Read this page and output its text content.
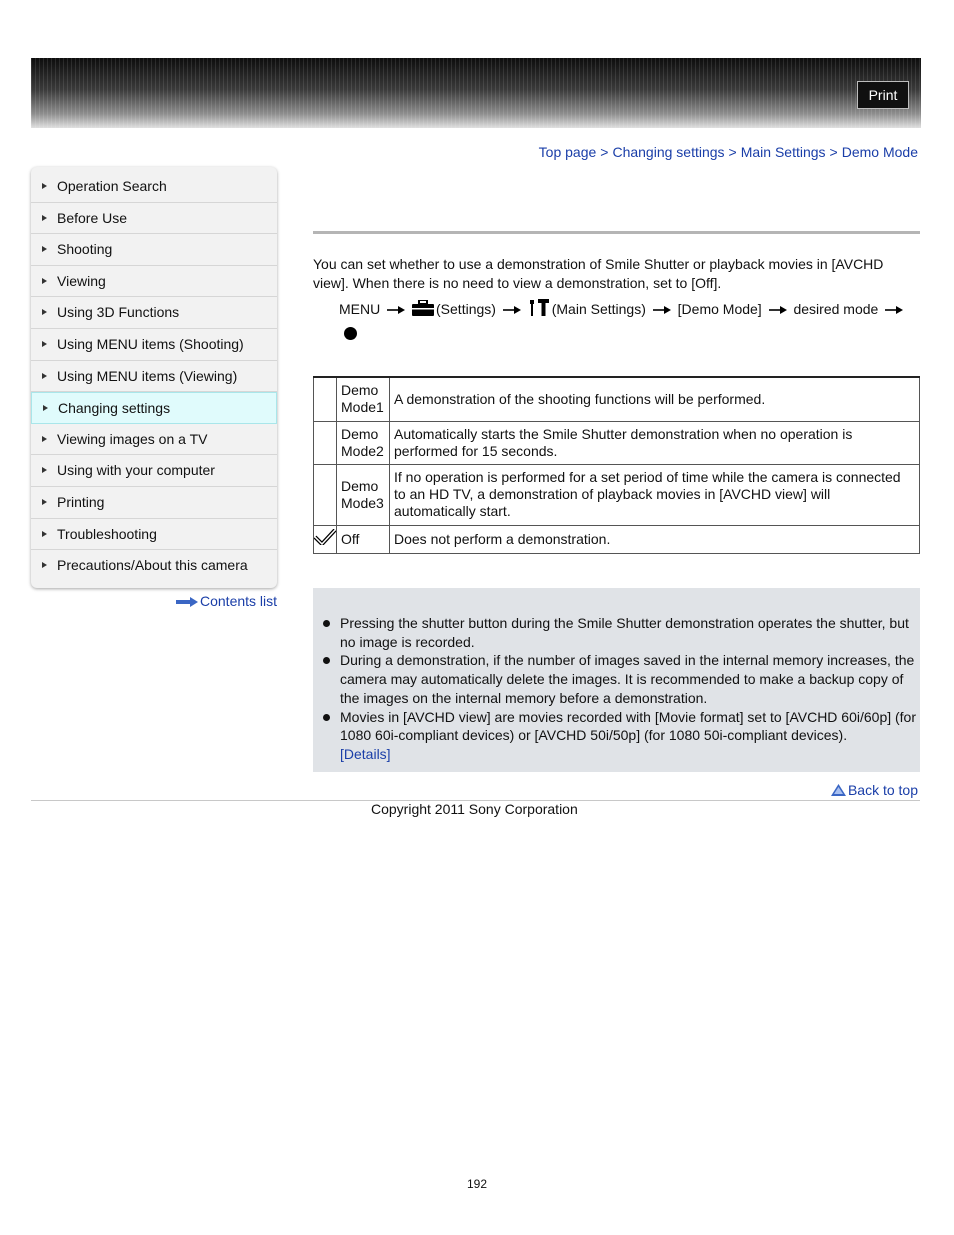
Print
Top page > Changing settings > Main Settings > Demo Mode
Operation Search
Before Use
Shooting
Viewing
Using 3D Functions
Using MENU items (Shooting)
Using MENU items (Viewing)
Changing settings
Viewing images on a TV
Using with your computer
Printing
Troubleshooting
Precautions/About this camera
Contents list
You can set whether to use a demonstration of Smile Shutter or playback movies in [AVCHD view]. When there is no need to view a demonstration, set to [Off].
MENU	(Settings)	(Main Settings) [Demo Mode] desired mode
	Demo Mode1	A demonstration of the shooting functions will be performed.
	Demo Mode2	Automatically starts the Smile Shutter demonstration when no operation is performed for 15 seconds.
	Demo Mode3	If no operation is performed for a set period of time while the camera is connected to an HD TV, a demonstration of playback movies in [AVCHD view] will automatically start.
	Off	Does not perform a demonstration.
Pressing the shutter button during the Smile Shutter demonstration operates the shutter, but no image is recorded.
During a demonstration, if the number of images saved in the internal memory increases, the camera may automatically delete the images. It is recommended to make a backup copy of the images on the internal memory before a demonstration.
Movies in [AVCHD view] are movies recorded with [Movie format] set to [AVCHD 60i/60p] (for 1080 60i-compliant devices) or [AVCHD 50i/50p] (for 1080 50i-compliant devices).
[Details]
Back to top
Copyright 2011 Sony Corporation
192
